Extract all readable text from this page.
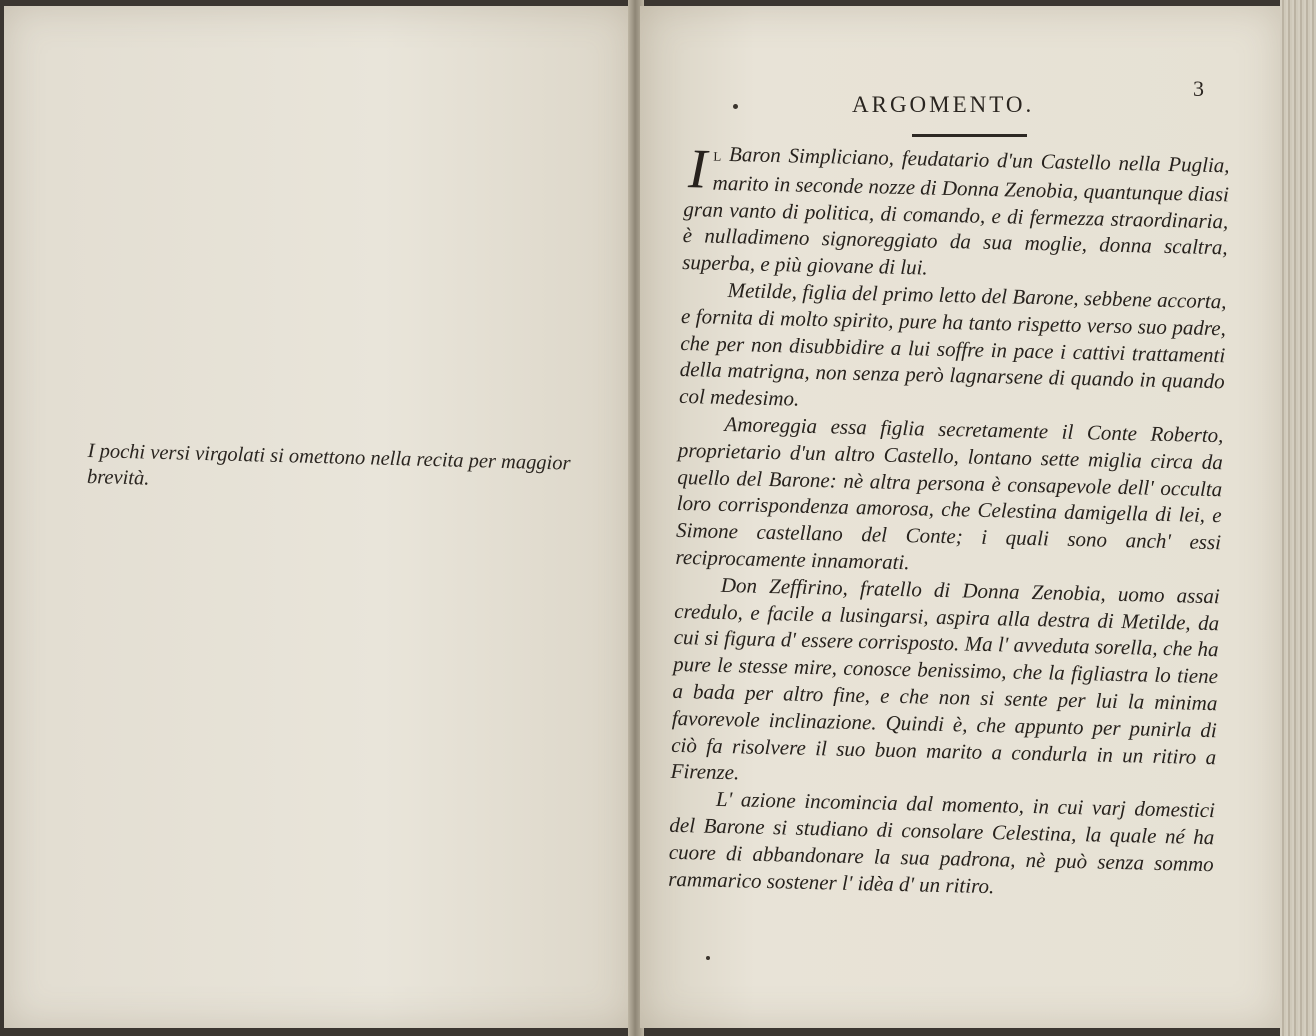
I pochi versi virgolati si omettono nella recita per maggior brevità.
ARGOMENTO.
3

Il Baron Simpliciano, feudatario d'un Castello nella Puglia, marito in seconde nozze di Donna Zenobia, quantunque diasi gran vanto di politica, di comando, e di fermezza straordinaria, è nulladimeno signoreggiato da sua moglie, donna scaltra, superba, e più giovane di lui.

Metilde, figlia del primo letto del Barone, sebbene accorta, e fornita di molto spirito, pure ha tanto rispetto verso suo padre, che per non disubbidire a lui soffre in pace i cattivi trattamenti della matrigna, non senza però lagnarsene di quando in quando col medesimo.

Amoreggia essa figlia secretamente il Conte Roberto, proprietario d'un altro Castello, lontano sette miglia circa da quello del Barone: nè altra persona è consapevole dell' occulta loro corrispondenza amorosa, che Celestina damigella di lei, e Simone castellano del Conte; i quali sono anch' essi reciprocamente innamorati.

Don Zeffirino, fratello di Donna Zenobia, uomo assai credulo, e facile a lusingarsi, aspira alla destra di Metilde, da cui si figura d' essere corrisposto. Ma l' avveduta sorella, che ha pure le stesse mire, conosce benissimo, che la figliastra lo tiene a bada per altro fine, e che non si sente per lui la minima favorevole inclinazione. Quindi è, che appunto per punirla di ciò fa risolvere il suo buon marito a condurla in un ritiro a Firenze.

L' azione incomincia dal momento, in cui varj domestici del Barone si studiano di consolare Celestina, la quale né ha cuore di abbandonare la sua padrona, nè può senza sommo rammarico sostener l' idèa d' un ritiro.
